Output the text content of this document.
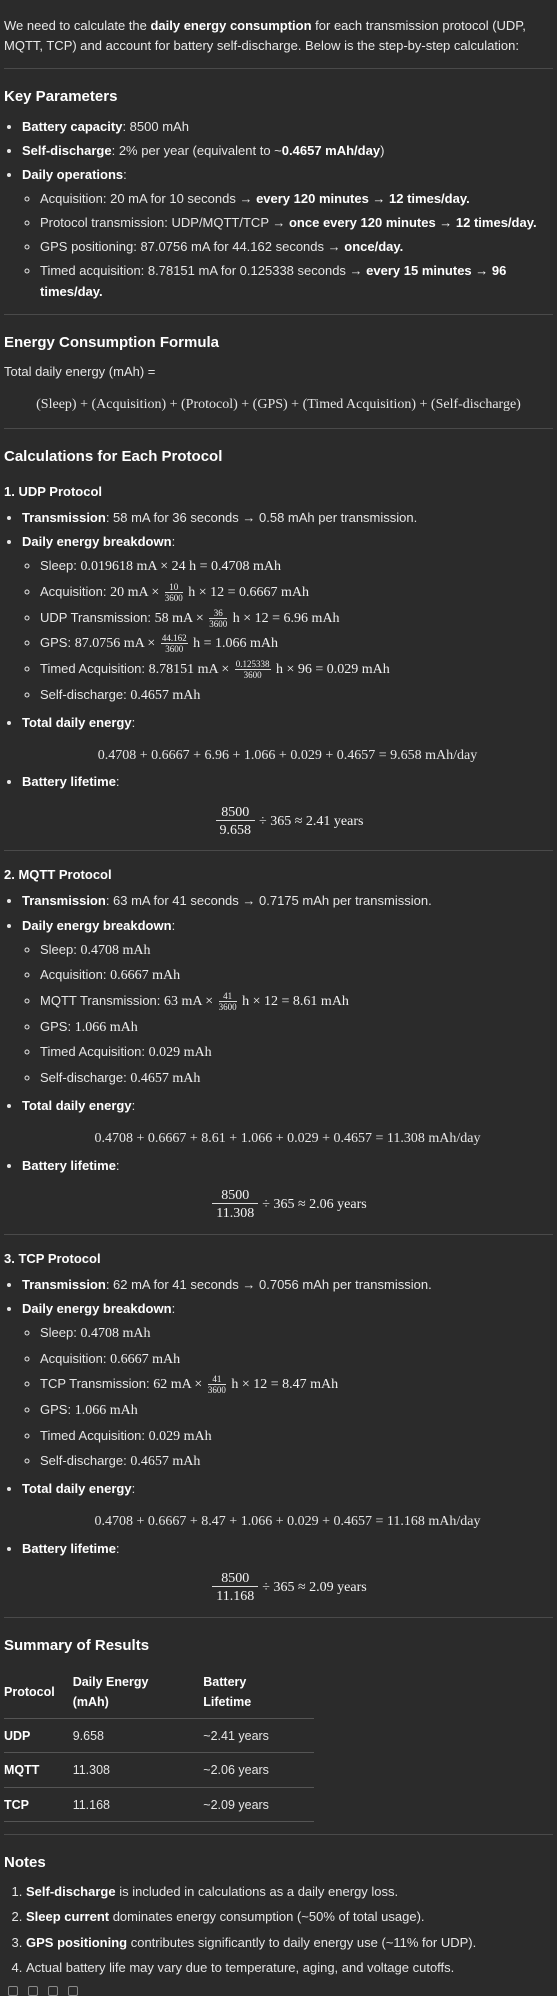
We need to calculate the daily energy consumption for each transmission protocol (UDP, MQTT, TCP) and account for battery self-discharge. Below is the step-by-step calculation:

Key Parameters
• Battery capacity: 8500 mAh
• Self-discharge: 2% per year (equivalent to ~0.4657 mAh/day)
• Daily operations:
◦ Acquisition: 20 mA for 10 seconds → every 120 minutes → 12 times/day.
◦ Protocol transmission: UDP/MQTT/TCP → once every 120 minutes → 12 times/day.
◦ GPS positioning: 87.0756 mA for 44.162 seconds → once/day.
◦ Timed acquisition: 8.78151 mA for 0.125338 seconds → every 15 minutes → 96 times/day.
Energy Consumption Formula
Total daily energy (mAh) =
(Sleep) + (Acquisition) + (Protocol) + (GPS) + (Timed Acquisition) + (Self-discharge)
Calculations for Each Protocol
1. UDP Protocol
• Transmission: 58 mA for 36 seconds → 0.58 mAh per transmission.
• Daily energy breakdown:
◦ Sleep: 0.019618 mA × 24 h = 0.4708 mAh
◦ Acquisition: 20 mA × $\frac{10}{3600}$ h × 12 = 0.6667 mAh
◦ UDP Transmission: 58 mA × $\frac{36}{3600}$ h × 12 = 6.96 mAh
◦ GPS: 87.0756 mA × $\frac{44.162}{3600}$ h = 1.066 mAh
◦ Timed Acquisition: 8.78151 mA × $\frac{0.125338}{3600}$ h × 96 = 0.029 mAh
◦ Self-discharge: 0.4657 mAh
• Total daily energy:
0.4708 + 0.6667 + 6.96 + 1.066 + 0.029 + 0.4657 = 9.658 mAh/day
• Battery lifetime:
$\frac{8500}{9.658} \div 365 \approx 2.41$ years
2. MQTT Protocol
• Transmission: 63 mA for 41 seconds → 0.7175 mAh per transmission.
• Daily energy breakdown:
◦ Sleep: 0.4708 mAh
◦ Acquisition: 0.6667 mAh
◦ MQTT Transmission: 63 mA × $\frac{41}{3600}$ h × 12 = 8.61 mAh
◦ GPS: 1.066 mAh
◦ Timed Acquisition: 0.029 mAh
◦ Self-discharge: 0.4657 mAh
• Total daily energy:
0.4708 + 0.6667 + 8.61 + 1.066 + 0.029 + 0.4657 = 11.308 mAh/day
• Battery lifetime:
$\frac{8500}{11.308} \div 365 \approx 2.06$ years
3. TCP Protocol
• Transmission: 62 mA for 41 seconds → 0.7056 mAh per transmission.
• Daily energy breakdown:
◦ Sleep: 0.4708 mAh
◦ Acquisition: 0.6667 mAh
◦ TCP Transmission: 62 mA × $\frac{41}{3600}$ h × 12 = 8.47 mAh
◦ GPS: 1.066 mAh
◦ Timed Acquisition: 0.029 mAh
◦ Self-discharge: 0.4657 mAh
• Total daily energy:
0.4708 + 0.6667 + 8.47 + 1.066 + 0.029 + 0.4657 = 11.168 mAh/day
• Battery lifetime:
$\frac{8500}{11.168} \div 365 \approx 2.09$ years
Summary of Results
Protocol	Daily Energy (mAh)	Battery Lifetime
UDP	9.658	~2.41 years
MQTT	11.308	~2.06 years
TCP	11.168	~2.09 years
Notes
1. Self-discharge is included in calculations as a daily energy loss.
2. Sleep current dominates energy consumption (~50% of total usage).
3. GPS positioning contributes significantly to daily energy use (~11% for UDP).
4. Actual battery life may vary due to temperature, aging, and voltage cutoffs.
